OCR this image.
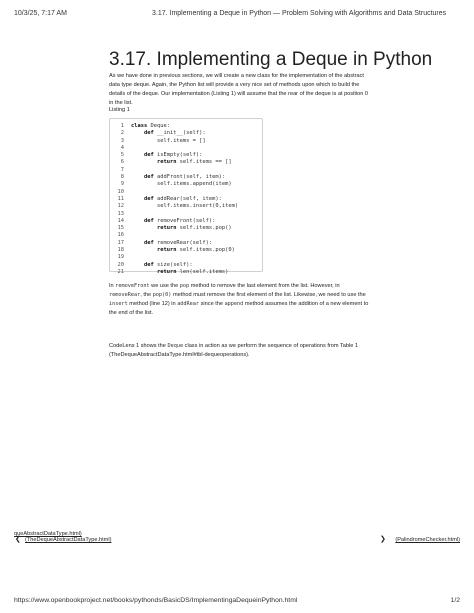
10/3/25, 7:17 AM	3.17. Implementing a Deque in Python — Problem Solving with Algorithms and Data Structures
3.17. Implementing a Deque in Python

As we have done in previous sections, we will create a new class for the implementation of the abstract data type deque. Again, the Python list will provide a very nice set of methods upon which to build the details of the deque. Our implementation (Listing 1) will assume that the rear of the deque is at position 0 in the list.

Listing 1
1	class Deque:
2	def __init__(self):
3	self.items = []
4
5	def isEmpty(self):
6	return self.items == []
7
8	def addFront(self, item):
9	self.items.append(item)
10
11	def addRear(self, item):
12	self.items.insert(0,item)
13
14	def removeFront(self):
15	return self.items.pop()
16
17	def removeRear(self):
18	return self.items.pop(0)
19
20	def size(self):
21	return len(self.items)

In removeFront we use the pop method to remove the last element from the list. However, in removeRear, the pop(0) method must remove the first element of the list. Likewise, we need to use the insert method (line 12) in addRear since the append method assumes the addition of a new element to the end of the list.

CodeLens 1 shows the Deque class in action as we perform the sequence of operations from Table 1 (TheDequeAbstractDataType.html#tbl-dequeoperations).

queAbstractDataType.html)
❮ (TheDequeAbstractDataType.html)	❯ (PalindromeChecker.html)
https://www.openbookproject.net/books/pythonds/BasicDS/ImplementingaDequeinPython.html	1/2
